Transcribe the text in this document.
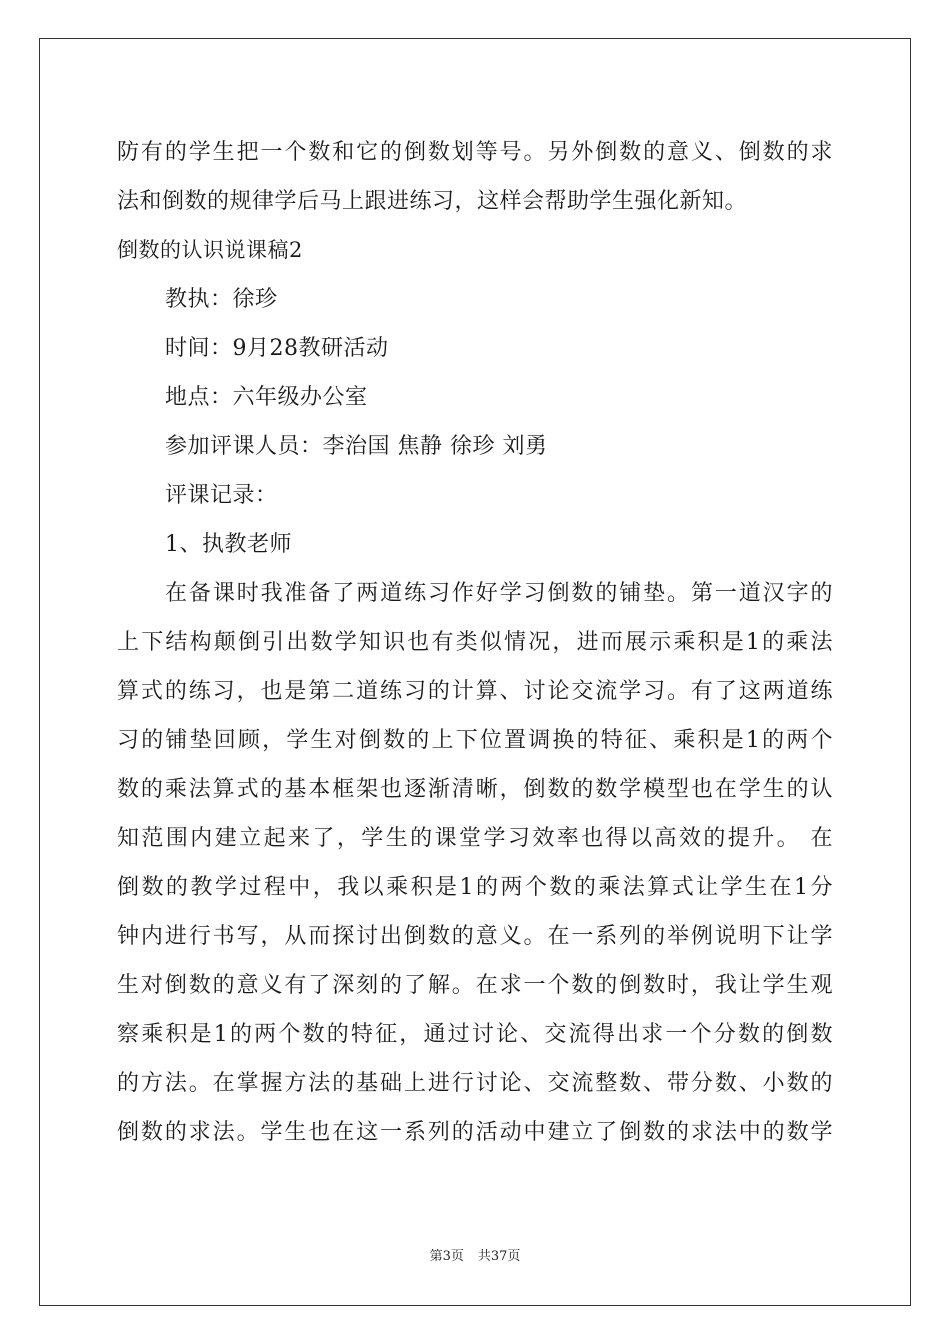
防有的学生把一个数和它的倒数划等号。另外倒数的意义、倒数的求
法和倒数的规律学后马上跟进练习，这样会帮助学生强化新知。
倒数的认识说课稿2
教执：徐珍
时间：9月28教研活动
地点：六年级办公室
参加评课人员：李治国 焦静 徐珍 刘勇
评课记录：
1、执教老师
在备课时我准备了两道练习作好学习倒数的铺垫。第一道汉字的
上下结构颠倒引出数学知识也有类似情况，进而展示乘积是1的乘法
算式的练习，也是第二道练习的计算、讨论交流学习。有了这两道练
习的铺垫回顾，学生对倒数的上下位置调换的特征、乘积是1的两个
数的乘法算式的基本框架也逐渐清晰，倒数的数学模型也在学生的认
知范围内建立起来了，学生的课堂学习效率也得以高效的提升。 在
倒数的教学过程中，我以乘积是1的两个数的乘法算式让学生在1分
钟内进行书写，从而探讨出倒数的意义。在一系列的举例说明下让学
生对倒数的意义有了深刻的了解。在求一个数的倒数时，我让学生观
察乘积是1的两个数的特征，通过讨论、交流得出求一个分数的倒数
的方法。在掌握方法的基础上进行讨论、交流整数、带分数、小数的
倒数的求法。学生也在这一系列的活动中建立了倒数的求法中的数学
第3页 共37页
